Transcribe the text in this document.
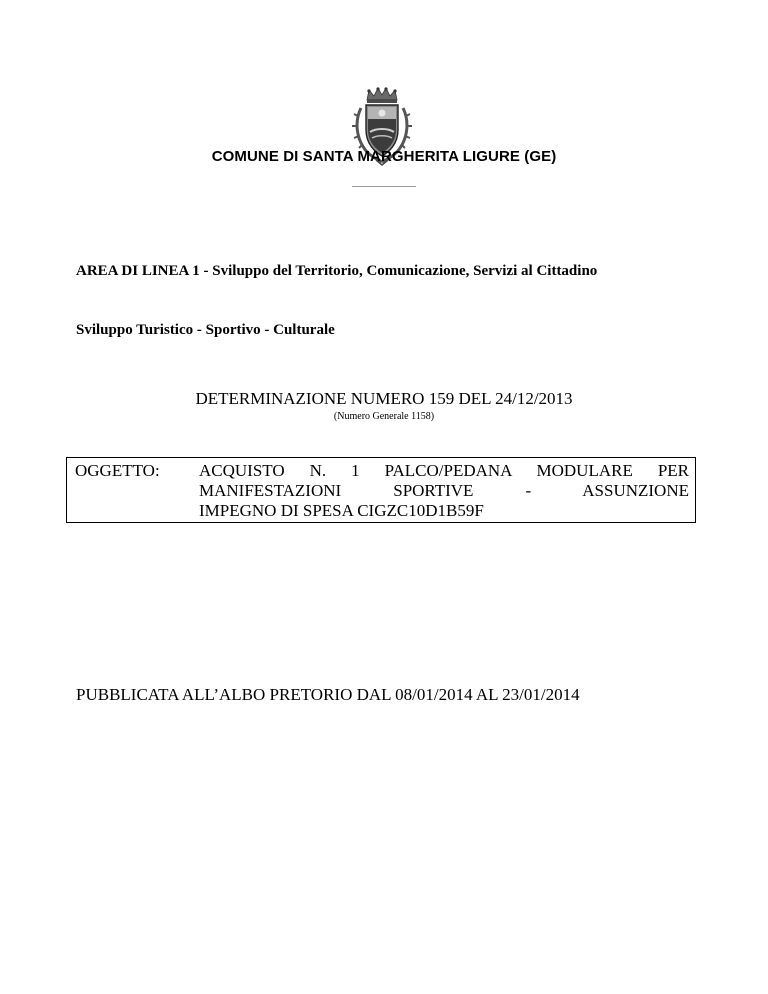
COMUNE DI SANTA MARGHERITA LIGURE (GE)
AREA DI LINEA 1 - Sviluppo del Territorio, Comunicazione, Servizi al Cittadino
Sviluppo Turistico - Sportivo - Culturale
DETERMINAZIONE NUMERO 159 DEL 24/12/2013
(Numero Generale 1158)
OGGETTO: ACQUISTO N. 1 PALCO/PEDANA MODULARE PER
MANIFESTAZIONI SPORTIVE - ASSUNZIONE
IMPEGNO DI SPESA CIGZC10D1B59F
PUBBLICATA ALL’ALBO PRETORIO DAL 08/01/2014 AL 23/01/2014
